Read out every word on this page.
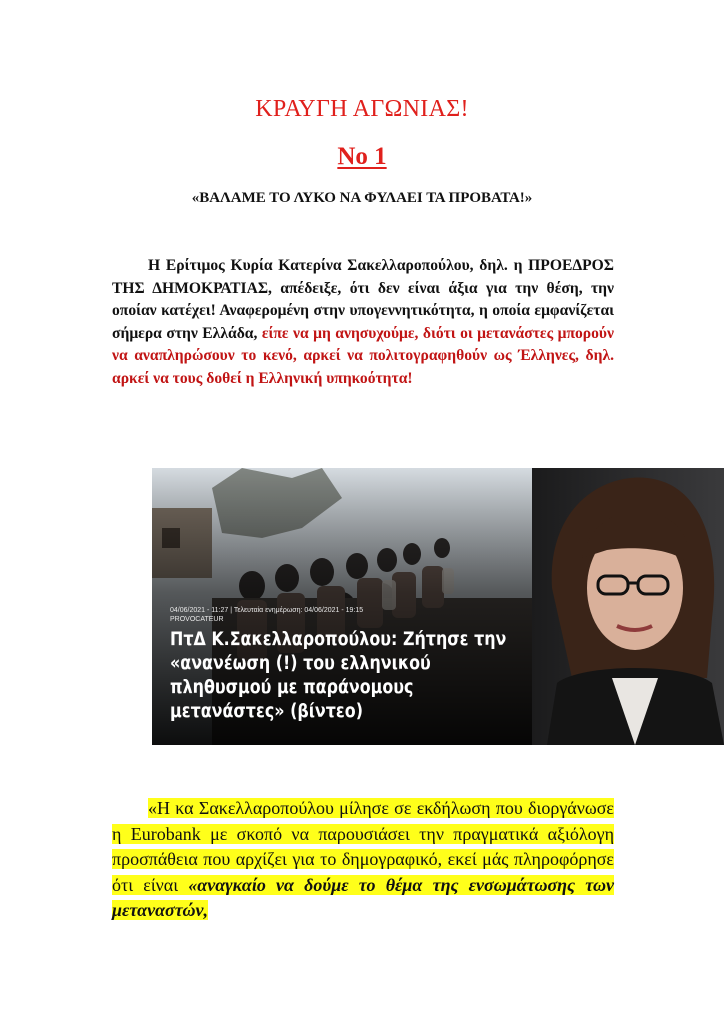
ΚΡΑΥΓΗ ΑΓΩΝΙΑΣ!
Νο 1
«ΒΑΛΑΜΕ ΤΟ ΛΥΚΟ ΝΑ ΦΥΛΑΕΙ ΤΑ ΠΡΟΒΑΤΑ!»

Η Ερίτιμος Κυρία Κατερίνα Σακελλαροπούλου, δηλ. η ΠΡΟΕΔΡΟΣ ΤΗΣ ΔΗΜΟΚΡΑΤΙΑΣ, απέδειξε, ότι δεν είναι άξια για την θέση, την οποίαν κατέχει! Αναφερομένη στην υπογεννητικότητα, η οποία εμφανίζεται σήμερα στην Ελλάδα, είπε να μη ανησυχούμε, διότι οι μετανάστες μπορούν να αναπληρώσουν το κενό, αρκεί να πολιτογραφηθούν ως Έλληνες, δηλ. αρκεί να τους δοθεί η Ελληνική υπηκοότητα!

04/06/2021 - 11:27 | Τελευταία ενημέρωση: 04/06/2021 - 19:15
PROVOCATEUR
ΠτΔ Κ.Σακελλαροπούλου: Ζήτησε την
«ανανέωση (!) του ελληνικού
πληθυσμού με παράνομους
μετανάστες» (βίντεο)

«Η κα Σακελλαροπούλου μίλησε σε εκδήλωση που διοργάνωσε η Eurobank με σκοπό να παρουσιάσει την πραγματικά αξιόλογη προσπάθεια που αρχίζει για το δημογραφικό, εκεί μάς πληροφόρησε ότι είναι «αναγκαίο να δούμε το θέμα της ενσωμάτωσης των μεταναστών,
